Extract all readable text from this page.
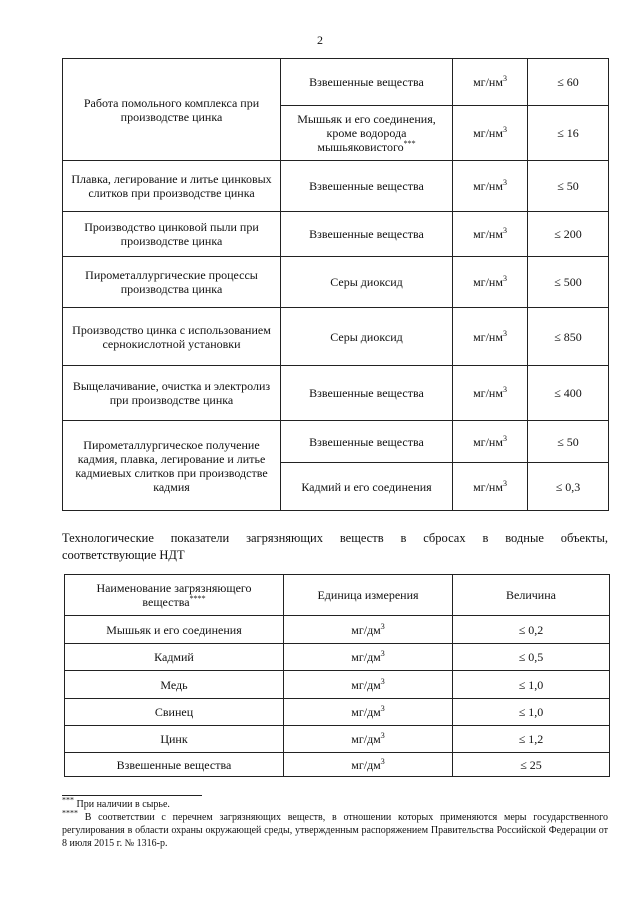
2
Работа помольного комплекса при производстве цинка	Взвешенные вещества	$мг/нм^3$	≤ 60
	Мышьяк и его соединения, кроме водорода мышьяковистого***	$мг/нм^3$	≤ 16
Плавка, легирование и литье цинковых слитков при производстве цинка	Взвешенные вещества	$мг/нм^3$	≤ 50
Производство цинковой пыли при производстве цинка	Взвешенные вещества	$мг/нм^3$	≤ 200
Пирометаллургические процессы производства цинка	Серы диоксид	$мг/нм^3$	≤ 500
Производство цинка с использованием сернокислотной установки	Серы диоксид	$мг/нм^3$	≤ 850
Выщелачивание, очистка и электролиз при производстве цинка	Взвешенные вещества	$мг/нм^3$	≤ 400
Пирометаллургическое получение кадмия, плавка, легирование и литье кадмиевых слитков при производстве кадмия	Взвешенные вещества	$мг/нм^3$	≤ 50
	Кадмий и его соединения	$мг/нм^3$	≤ 0,3
Технологические показатели загрязняющих веществ в сбросах в водные объекты,
соответствующие НДТ
Наименование загрязняющего вещества****	Единица измерения	Величина
Мышьяк и его соединения	$мг/дм^3$	≤ 0,2
Кадмий	$мг/дм^3$	≤ 0,5
Медь	$мг/дм^3$	≤ 1,0
Свинец	$мг/дм^3$	≤ 1,0
Цинк	$мг/дм^3$	≤ 1,2
Взвешенные вещества	$мг/дм^3$	≤ 25
*** При наличии в сырье.
**** В соответствии с перечнем загрязняющих веществ, в отношении которых применяются меры государственного регулирования в области охраны окружающей среды, утвержденным распоряжением Правительства Российской Федерации от 8 июля 2015 г. № 1316-р.
